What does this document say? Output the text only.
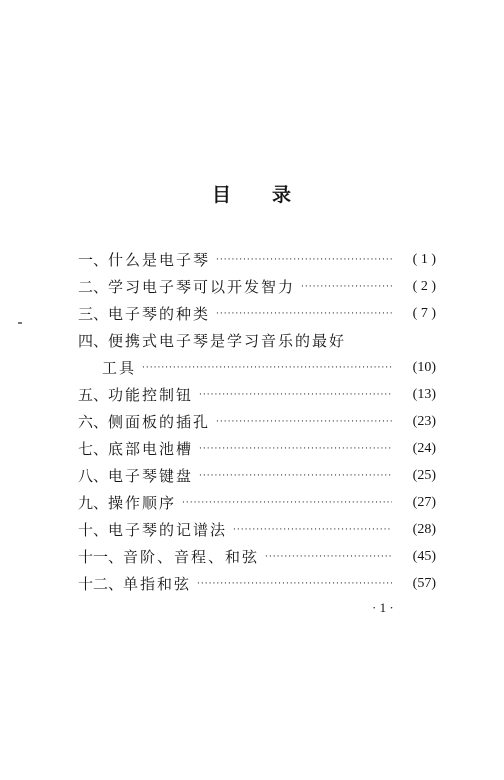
目 录
一、 什么是电子琴 ·····	( 1 )
二、 学习电子琴可以开发智力 ·····	( 2 )
三、 电子琴的种类 ·····	( 7 )
四、 便携式电子琴是学习音乐的最好
工具 ·····	(10)
五、 功能控制钮 ·····	(13)
六、 侧面板的插孔 ·····	(23)
七、 底部电池槽 ·····	(24)
八、 电子琴键盘 ·····	(25)
九、 操作顺序 ·····	(27)
十、 电子琴的记谱法 ·····	(28)
十一、 音阶、音程、和弦 ·····	(45)
十二、 单指和弦 ·····	(57)
· 1 ·
